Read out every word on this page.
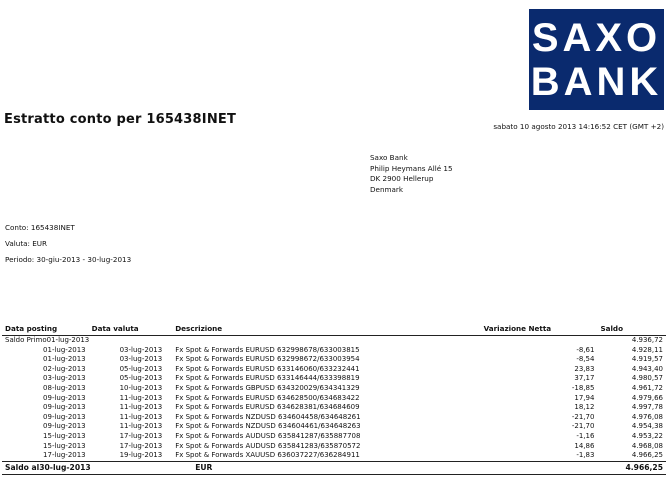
SAXO
BANK
Estratto conto per 165438INET	sabato 10 agosto 2013 14:16:52 CET (GMT +2)
Saxo Bank
Philip Heymans Allé 15
DK 2900 Hellerup
Denmark
Conto: 165438INET
Valuta: EUR
Periodo: 30-giu-2013 - 30-lug-2013
Data posting	Data valuta	Descrizione	Variazione Netta	Saldo
Saldo Primo01-lug-2013				4.936,72
01-lug-2013	03-lug-2013	Fx Spot & Forwards EURUSD 632998678/633003815	-8,61	4.928,11
01-lug-2013	03-lug-2013	Fx Spot & Forwards EURUSD 632998672/633003954	-8,54	4.919,57
02-lug-2013	05-lug-2013	Fx Spot & Forwards EURUSD 633146060/633232441	23,83	4.943,40
03-lug-2013	05-lug-2013	Fx Spot & Forwards EURUSD 633146444/633398819	37,17	4.980,57
08-lug-2013	10-lug-2013	Fx Spot & Forwards GBPUSD 634320029/634341329	-18,85	4.961,72
09-lug-2013	11-lug-2013	Fx Spot & Forwards EURUSD 634628500/634683422	17,94	4.979,66
09-lug-2013	11-lug-2013	Fx Spot & Forwards EURUSD 634628381/634684609	18,12	4.997,78
09-lug-2013	11-lug-2013	Fx Spot & Forwards NZDUSD 634604458/634648261	-21,70	4.976,08
09-lug-2013	11-lug-2013	Fx Spot & Forwards NZDUSD 634604461/634648263	-21,70	4.954,38
15-lug-2013	17-lug-2013	Fx Spot & Forwards AUDUSD 635841287/635887708	-1,16	4.953,22
15-lug-2013	17-lug-2013	Fx Spot & Forwards AUDUSD 635841283/635870572	14,86	4.968,08
17-lug-2013	19-lug-2013	Fx Spot & Forwards XAUUSD 636037227/636284911	-1,83	4.966,25
Saldo al30-lug-2013		EUR		4.966,25
